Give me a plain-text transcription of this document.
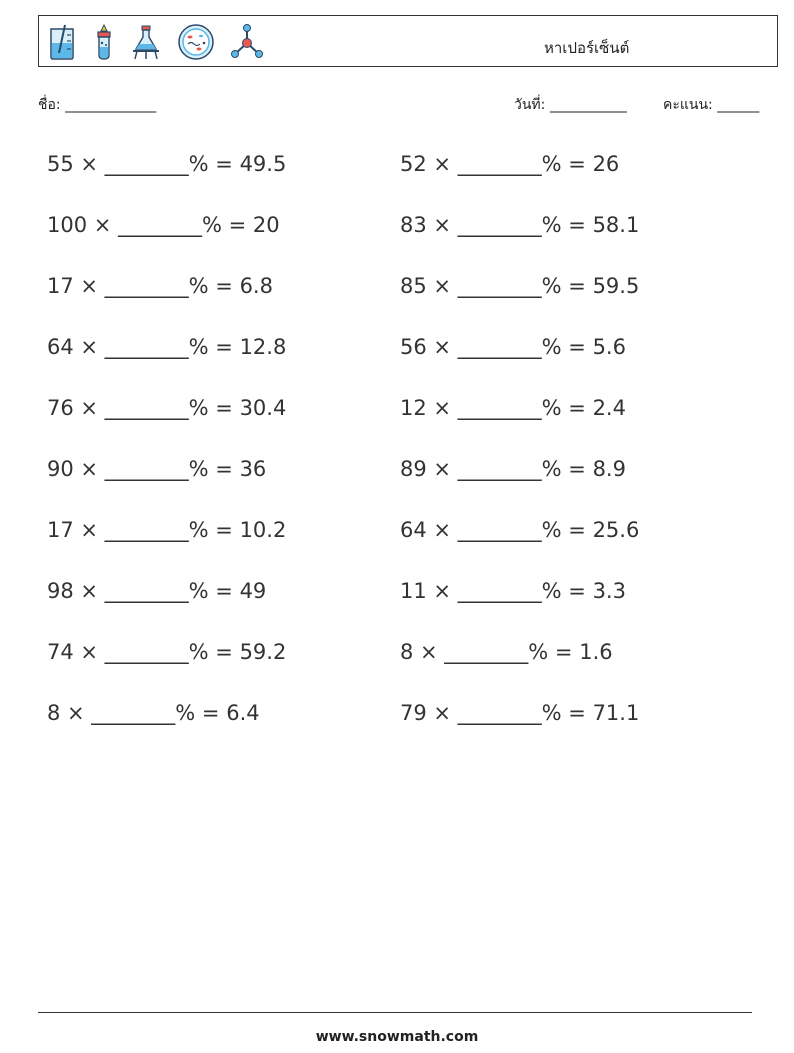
หาเปอร์เซ็นต์
ชื่อ: _____________	วันที่: ___________	คะแนน: ______
55 × ________% = 49.5	52 × ________% = 26
100 × ________% = 20	83 × ________% = 58.1
17 × ________% = 6.8	85 × ________% = 59.5
64 × ________% = 12.8	56 × ________% = 5.6
76 × ________% = 30.4	12 × ________% = 2.4
90 × ________% = 36	89 × ________% = 8.9
17 × ________% = 10.2	64 × ________% = 25.6
98 × ________% = 49	11 × ________% = 3.3
74 × ________% = 59.2	8 × ________% = 1.6
8 × ________% = 6.4	79 × ________% = 71.1
www.snowmath.com
